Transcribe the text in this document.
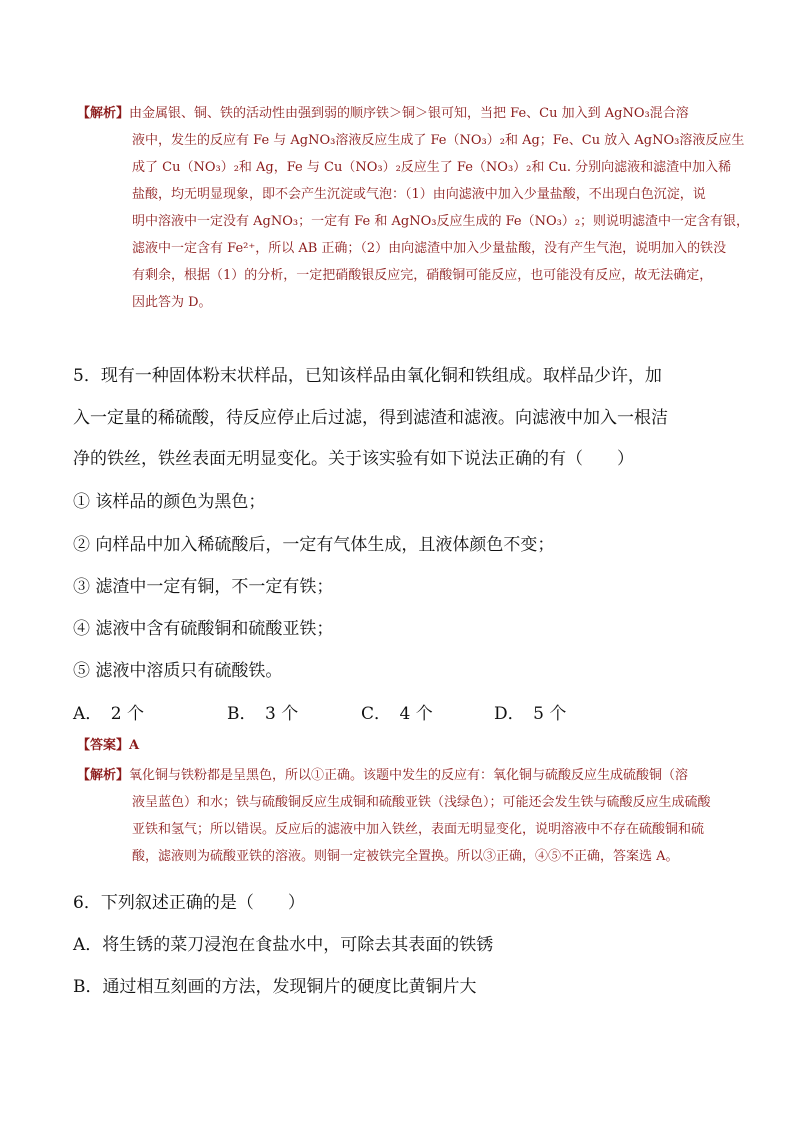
【解析】由金属银、铜、铁的活动性由强到弱的顺序铁＞铜＞银可知，当把 Fe、Cu 加入到 AgNO₃混合溶
液中，发生的反应有 Fe 与 AgNO₃溶液反应生成了 Fe（NO₃）₂和 Ag；Fe、Cu 放入 AgNO₃溶液反应生
成了 Cu（NO₃）₂和 Ag，Fe 与 Cu（NO₃）₂反应生了 Fe（NO₃）₂和 Cu. 分别向滤液和滤渣中加入稀
盐酸，均无明显现象，即不会产生沉淀或气泡：（1）由向滤液中加入少量盐酸，不出现白色沉淀，说
明中溶液中一定没有 AgNO₃；一定有 Fe 和 AgNO₃反应生成的 Fe（NO₃）₂；则说明滤渣中一定含有银，
滤液中一定含有 Fe²⁺，所以 AB 正确；（2）由向滤渣中加入少量盐酸，没有产生气泡，说明加入的铁没
有剩余，根据（1）的分析，一定把硝酸银反应完，硝酸铜可能反应，也可能没有反应，故无法确定，
因此答为 D。
5．现有一种固体粉末状样品，已知该样品由氧化铜和铁组成。取样品少许，加
入一定量的稀硫酸，待反应停止后过滤，得到滤渣和滤液。向滤液中加入一根洁
净的铁丝，铁丝表面无明显变化。关于该实验有如下说法正确的有（　　）
① 该样品的颜色为黑色；
② 向样品中加入稀硫酸后，一定有气体生成，且液体颜色不变；
③ 滤渣中一定有铜，不一定有铁；
④ 滤液中含有硫酸铜和硫酸亚铁；
⑤ 滤液中溶质只有硫酸铁。
A．　2 个	B．　3 个	C．　4 个	D．　5 个
【答案】A
【解析】氧化铜与铁粉都是呈黑色，所以①正确。该题中发生的反应有：氧化铜与硫酸反应生成硫酸铜（溶
液呈蓝色）和水；铁与硫酸铜反应生成铜和硫酸亚铁（浅绿色）；可能还会发生铁与硫酸反应生成硫酸
亚铁和氢气；所以错误。反应后的滤液中加入铁丝，表面无明显变化，说明溶液中不存在硫酸铜和硫
酸，滤液则为硫酸亚铁的溶液。则铜一定被铁完全置换。所以③正确，④⑤不正确，答案选 A。
6．下列叙述正确的是（　　）
A．将生锈的菜刀浸泡在食盐水中，可除去其表面的铁锈
B．通过相互刻画的方法，发现铜片的硬度比黄铜片大
